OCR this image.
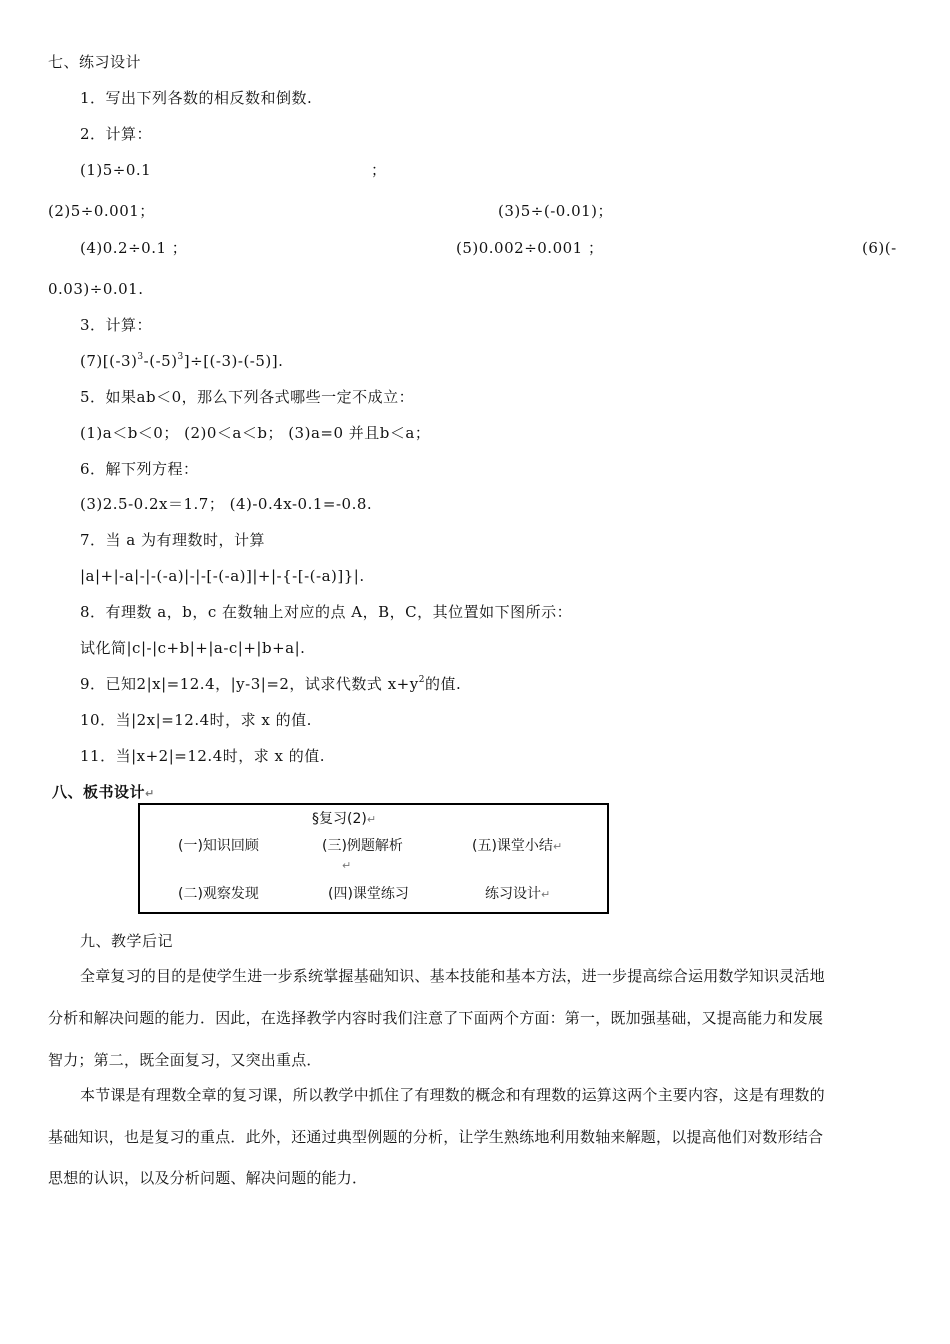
七、练习设计
1．写出下列各数的相反数和倒数.
2．计算：
(1)5÷0.1	；
(2)5÷0.001；	(3)5÷(-0.01)；
(4)0.2÷0.1 ；	(5)0.002÷0.001 ；	(6)(-
0.03)÷0.01.
3．计算：
$(7)[(-3)^3-(-5)^3]\div[(-3)-(-5)]$.
5．如果ab＜0，那么下列各式哪些一定不成立：
(1)a＜b＜0； (2)0＜a＜b； (3)a=0 并且b＜a；
6．解下列方程：
(3)2.5-0.2x＝1.7； (4)-0.4x-0.1=-0.8.
7．当 a 为有理数时，计算
|a|+|-a|-|-(-a)|-|-[-(-a)]|+|-{-[-(-a)]}|.
8．有理数 a，b，c 在数轴上对应的点 A，B，C，其位置如下图所示：
试化简|c|-|c+b|+|a-c|+|b+a|.
9．已知2|x|=12.4，|y-3|=2，试求代数式 $x+y^2$的值.
10．当|2x|=12.4时，求 x 的值.
11．当|x+2|=12.4时，求 x 的值.
八、板书设计↵
§复习(2)↵
(一)知识回顾	(三)例题解析	(五)课堂小结↵
↵
(二)观察发现	(四)课堂练习	练习设计↵
九、教学后记
全章复习的目的是使学生进一步系统掌握基础知识、基本技能和基本方法，进一步提高综合运用数学知识灵活地
分析和解决问题的能力．因此，在选择教学内容时我们注意了下面两个方面：第一，既加强基础，又提高能力和发展
智力；第二，既全面复习，又突出重点．
本节课是有理数全章的复习课，所以教学中抓住了有理数的概念和有理数的运算这两个主要内容，这是有理数的
基础知识，也是复习的重点．此外，还通过典型例题的分析，让学生熟练地利用数轴来解题，以提高他们对数形结合
思想的认识，以及分析问题、解决问题的能力．
